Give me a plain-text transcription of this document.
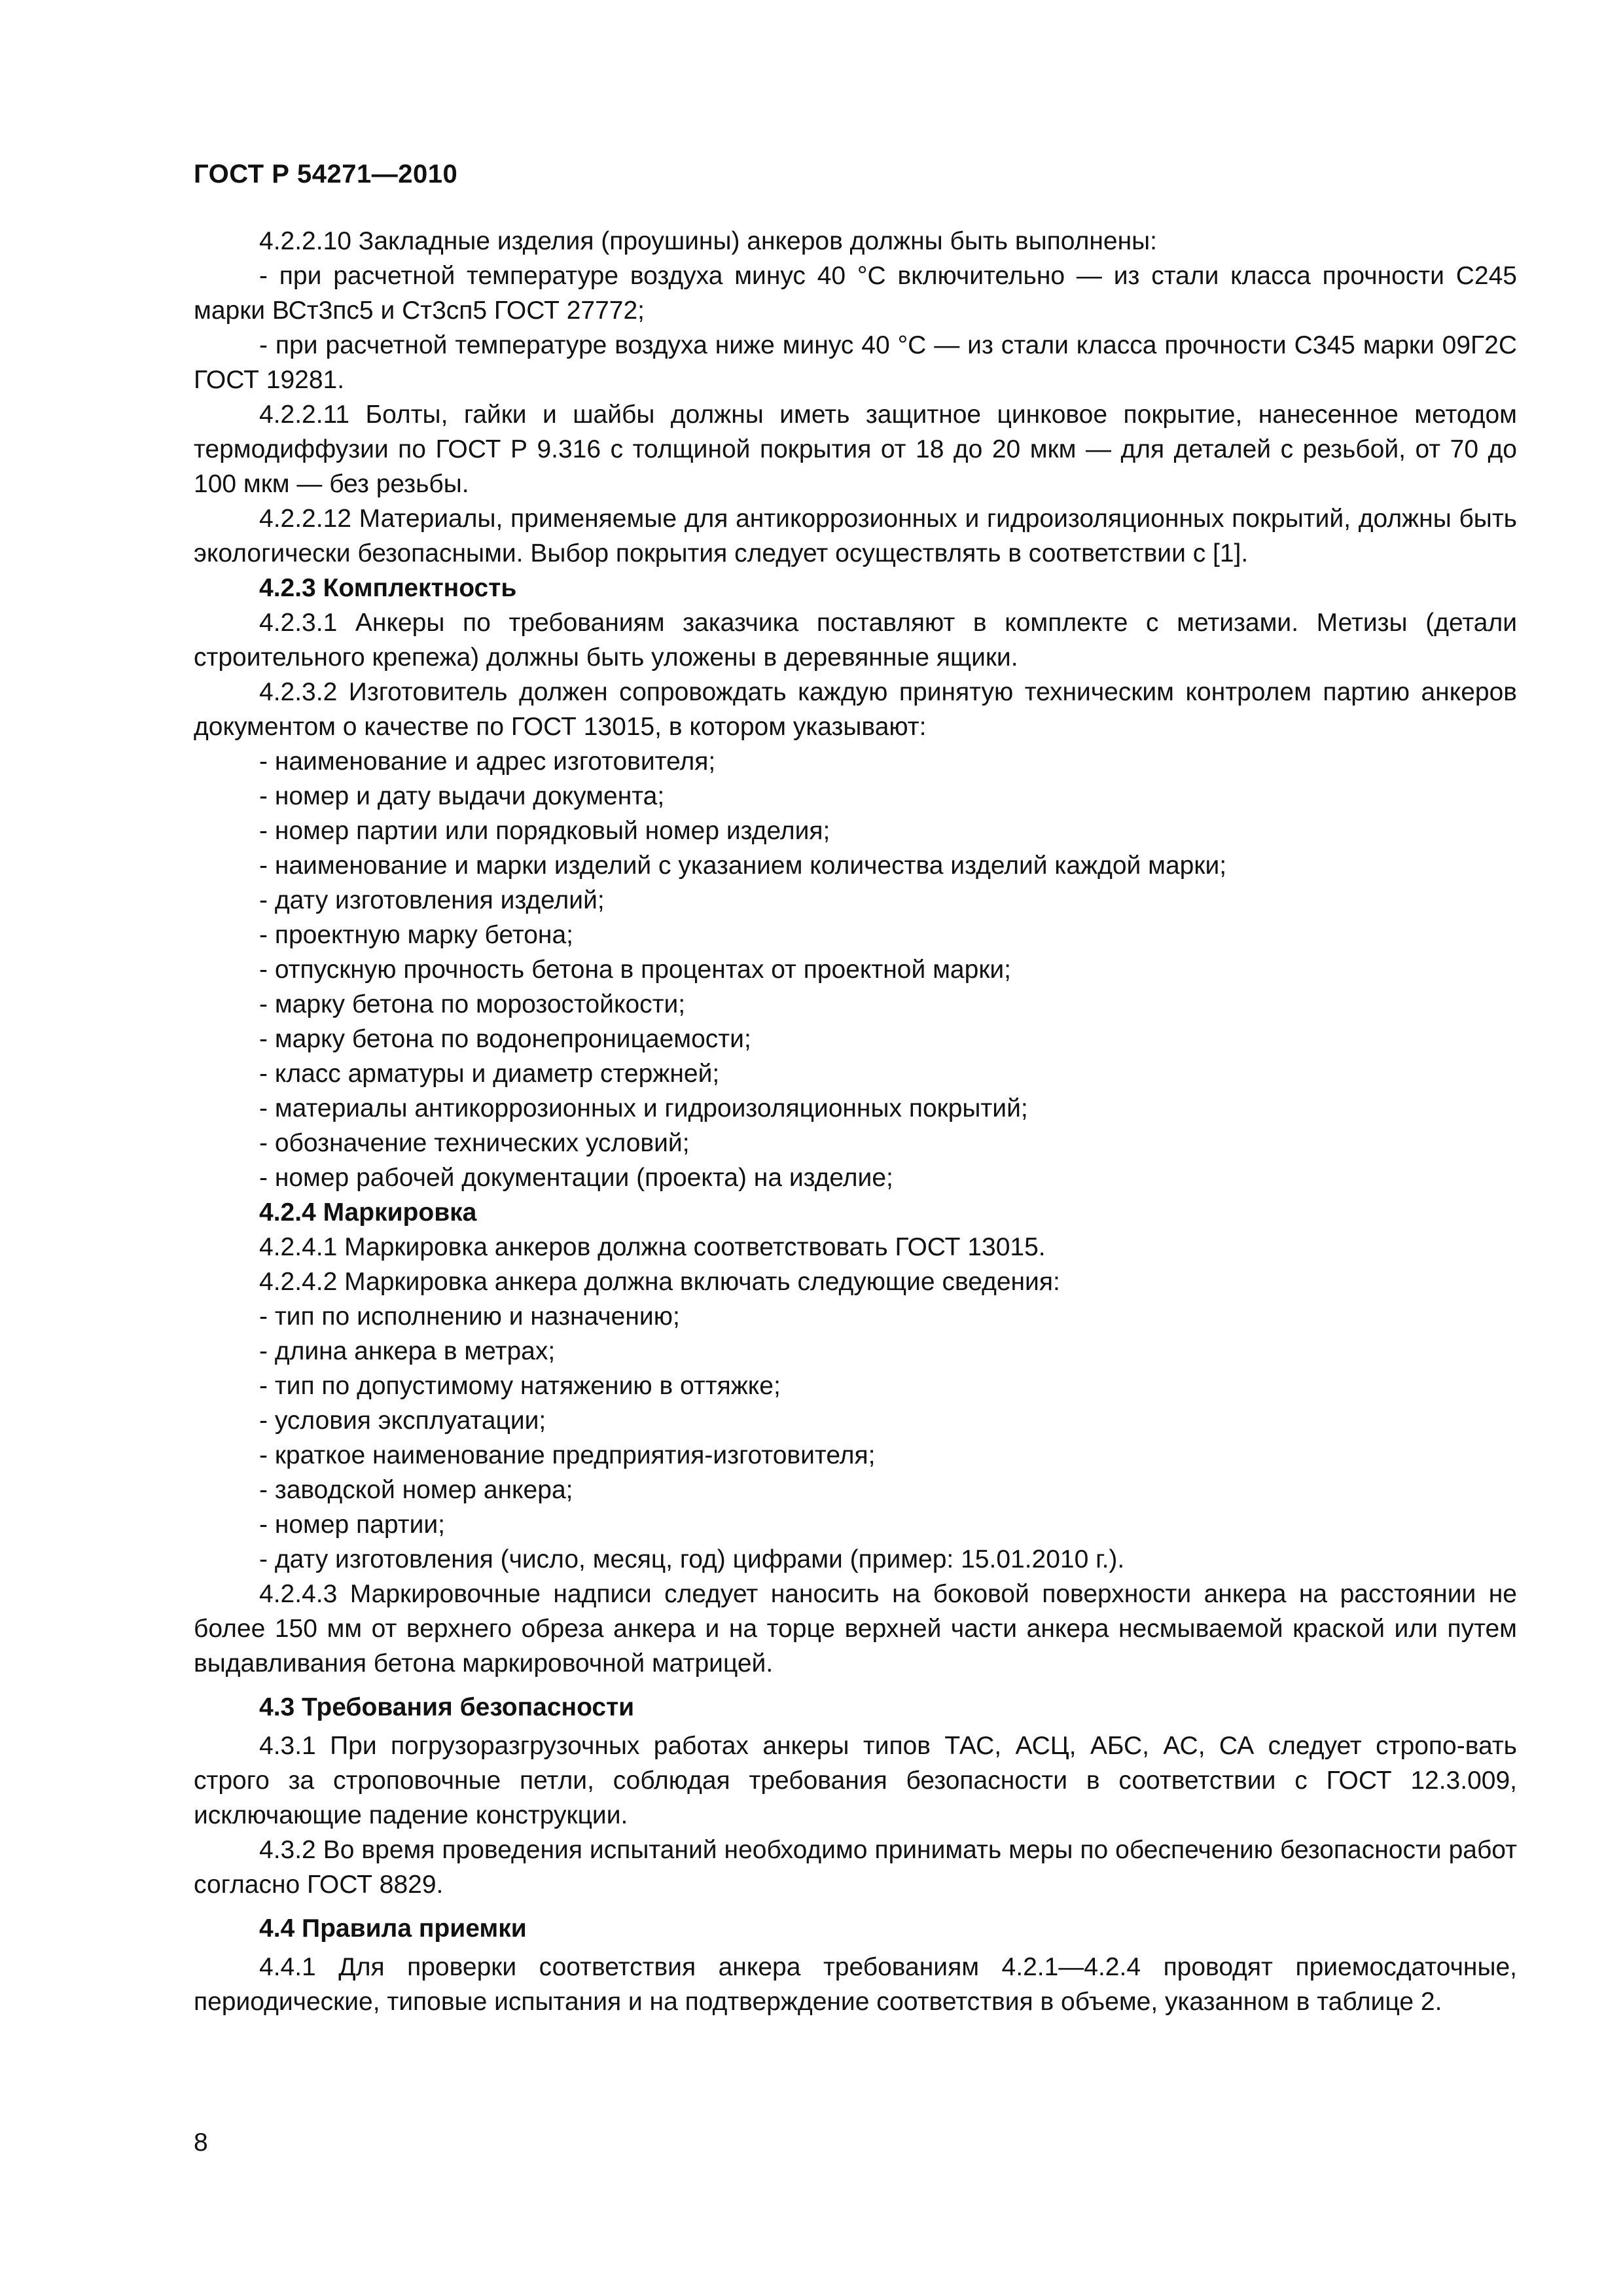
ГОСТ Р 54271—2010

4.2.2.10 Закладные изделия (проушины) анкеров должны быть выполнены:

- при расчетной температуре воздуха минус 40 °С включительно — из стали класса прочности С245 марки ВСт3пс5 и Ст3сп5 ГОСТ 27772;

- при расчетной температуре воздуха ниже минус 40 °С — из стали класса прочности С345 марки 09Г2С ГОСТ 19281.

4.2.2.11 Болты, гайки и шайбы должны иметь защитное цинковое покрытие, нанесенное методом термодиффузии по ГОСТ Р 9.316 с толщиной покрытия от 18 до 20 мкм — для деталей с резьбой, от 70 до 100 мкм — без резьбы.

4.2.2.12 Материалы, применяемые для антикоррозионных и гидроизоляционных покрытий, должны быть экологически безопасными. Выбор покрытия следует осуществлять в соответствии с [1].

4.2.3 Комплектность

4.2.3.1 Анкеры по требованиям заказчика поставляют в комплекте с метизами. Метизы (детали строительного крепежа) должны быть уложены в деревянные ящики.

4.2.3.2 Изготовитель должен сопровождать каждую принятую техническим контролем партию анкеров документом о качестве по ГОСТ 13015, в котором указывают:

- наименование и адрес изготовителя;

- номер и дату выдачи документа;

- номер партии или порядковый номер изделия;

- наименование и марки изделий с указанием количества изделий каждой марки;

- дату изготовления изделий;

- проектную марку бетона;

- отпускную прочность бетона в процентах от проектной марки;

- марку бетона по морозостойкости;

- марку бетона по водонепроницаемости;

- класс арматуры и диаметр стержней;

- материалы антикоррозионных и гидроизоляционных покрытий;

- обозначение технических условий;

- номер рабочей документации (проекта) на изделие;

4.2.4 Маркировка

4.2.4.1 Маркировка анкеров должна соответствовать ГОСТ 13015.

4.2.4.2 Маркировка анкера должна включать следующие сведения:

- тип по исполнению и назначению;

- длина анкера в метрах;

- тип по допустимому натяжению в оттяжке;

- условия эксплуатации;

- краткое наименование предприятия-изготовителя;

- заводской номер анкера;

- номер партии;

- дату изготовления (число, месяц, год) цифрами (пример: 15.01.2010 г.).

4.2.4.3 Маркировочные надписи следует наносить на боковой поверхности анкера на расстоянии не более 150 мм от верхнего обреза анкера и на торце верхней части анкера несмываемой краской или путем выдавливания бетона маркировочной матрицей.

4.3 Требования безопасности

4.3.1 При погрузоразгрузочных работах анкеры типов ТАС, АСЦ, АБС, АС, СА следует стропо-вать строго за строповочные петли, соблюдая требования безопасности в соответствии с ГОСТ 12.3.009, исключающие падение конструкции.

4.3.2 Во время проведения испытаний необходимо принимать меры по обеспечению безопасности работ согласно ГОСТ 8829.

4.4 Правила приемки

4.4.1 Для проверки соответствия анкера требованиям 4.2.1—4.2.4 проводят приемосдаточные, периодические, типовые испытания и на подтверждение соответствия в объеме, указанном в таблице 2.

8
